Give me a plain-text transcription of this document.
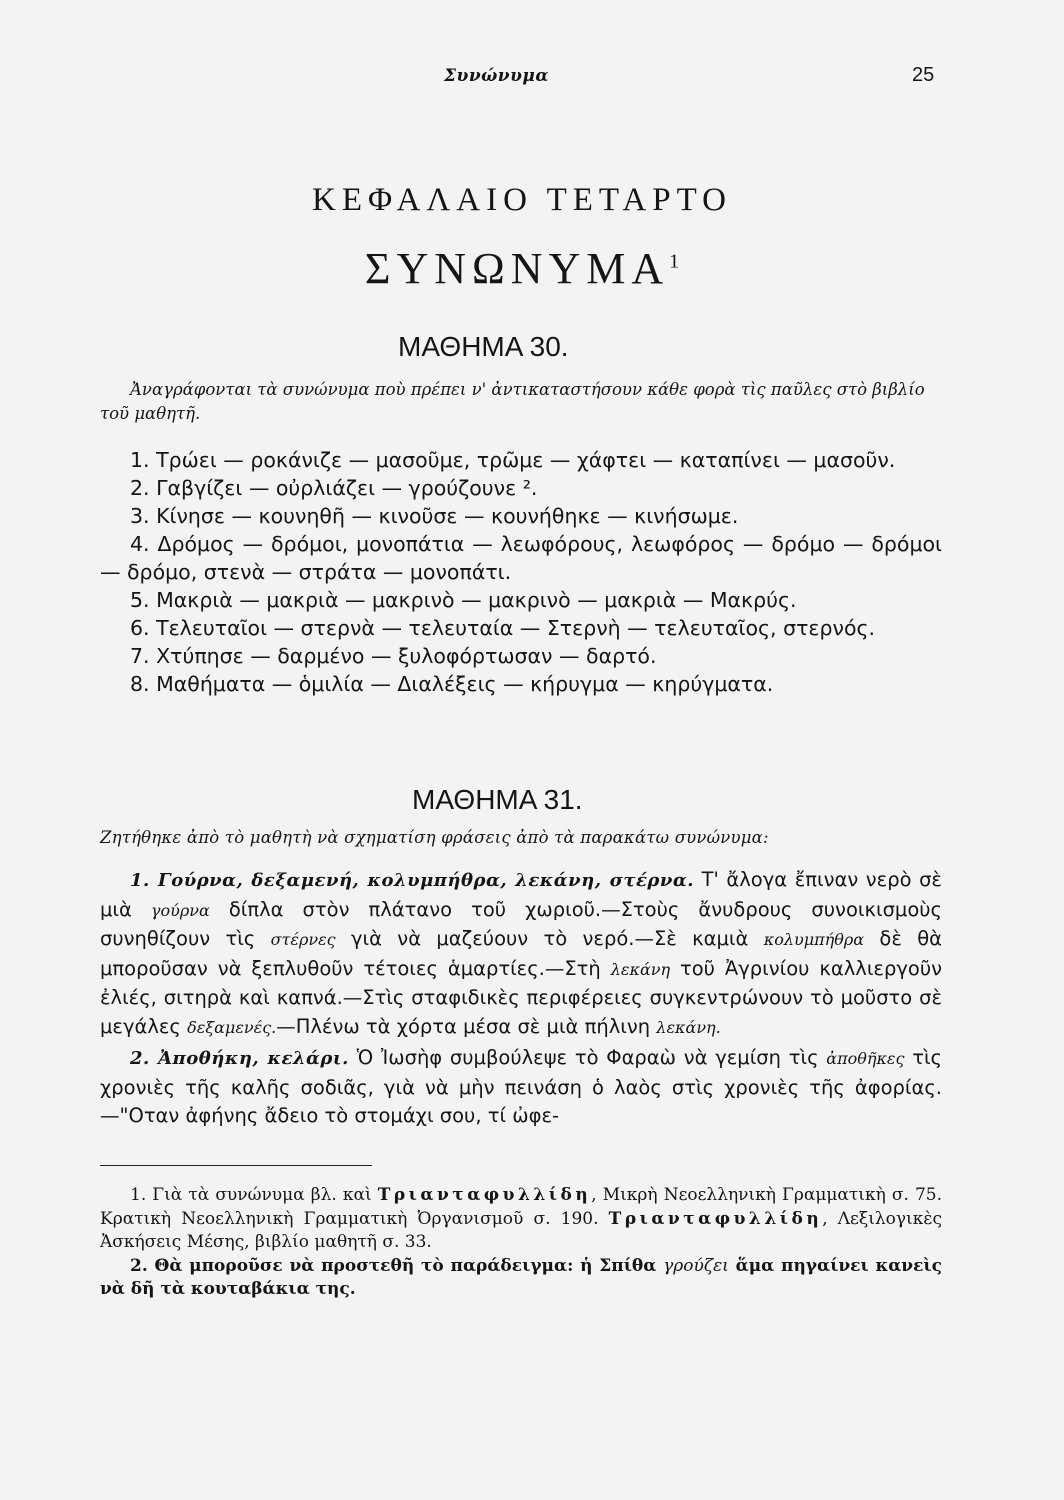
Συνώνυμα	25
ΚΕΦΑΛΑΙΟ ΤΕΤΑΡΤΟ
ΣΥΝΩΝΥΜΑ$^1$
ΜΑΘΗΜΑ 30.
Ἀναγράφονται τὰ συνώνυμα ποὺ πρέπει ν' ἀντικαταστήσουν κάθε φορὰ τὶς παῦλες στὸ βιβλίο τοῦ μαθητῆ.
1. Τρώει — ροκάνιζε — μασοῦμε, τρῶμε — χάφτει — καταπίνει — μασοῦν.
2. Γαβγίζει — οὐρλιάζει — γρούζουνε ².
3. Κίνησε — κουνηθῆ — κινοῦσε — κουνήθηκε — κινήσωμε.
4. Δρόμος — δρόμοι, μονοπάτια — λεωφόρους, λεωφόρος — δρόμο — δρόμοι — δρόμο, στενὰ — στράτα — μονοπάτι.
5. Μακριὰ — μακριὰ — μακρινὸ — μακρινὸ — μακριὰ — Μακρύς.
6. Τελευταῖοι — στερνὰ — τελευταία — Στερνὴ — τελευταῖος, στερνός.
7. Χτύπησε — δαρμένο — ξυλοφόρτωσαν — δαρτό.
8. Μαθήματα — ὁμιλία — Διαλέξεις — κήρυγμα — κηρύγματα.
ΜΑΘΗΜΑ 31.
Ζητήθηκε ἀπὸ τὸ μαθητὴ νὰ σχηματίση φράσεις ἀπὸ τὰ παρακάτω συνώνυμα:

1. Γούρνα, δεξαμενή, κολυμπήθρα, λεκάνη, στέρνα. Τ' ἄλογα ἔπιναν νερὸ σὲ μιὰ γούρνα δίπλα στὸν πλάτανο τοῦ χωριοῦ.—Στοὺς ἄνυδρους συνοικισμοὺς συνηθίζουν τὶς στέρνες γιὰ νὰ μαζεύουν τὸ νερό.—Σὲ καμιὰ κολυμπήθρα δὲ θὰ μποροῦσαν νὰ ξεπλυθοῦν τέτοιες ἁμαρτίες.—Στὴ λεκάνη τοῦ Ἀγρινίου καλλιεργοῦν ἐλιές, σιτηρὰ καὶ καπνά.—Στὶς σταφιδικὲς περιφέρειες συγκεντρώνουν τὸ μοῦστο σὲ μεγάλες δεξαμενές.—Πλένω τὰ χόρτα μέσα σὲ μιὰ πήλινη λεκάνη.

2. Ἀποθήκη, κελάρι. Ὁ Ἰωσὴφ συμβούλεψε τὸ Φαραὼ νὰ γεμίση τὶς ἀποθῆκες τὶς χρονιὲς τῆς καλῆς σοδιᾶς, γιὰ νὰ μὴν πεινάση ὁ λαὸς στὶς χρονιὲς τῆς ἀφορίας.—"Οταν ἀφήνης ἄδειο τὸ στομάχι σου, τί ὠφε-

1. Γιὰ τὰ συνώνυμα βλ. καὶ Τριανταφυλλίδη, Μικρὴ Νεοελληνικὴ Γραμματικὴ σ. 75. Κρατικὴ Νεοελληνικὴ Γραμματικὴ Ὀργανισμοῦ σ. 190. Τριανταφυλλίδη, Λεξιλογικὲς Ἀσκήσεις Μέσης, βιβλίο μαθητῆ σ. 33.
2. Θὰ μποροῦσε νὰ προστεθῆ τὸ παράδειγμα: ἡ Σπίθα γρούζει ἅμα πηγαίνει κανεὶς νὰ δῆ τὰ κουταβάκια της.
